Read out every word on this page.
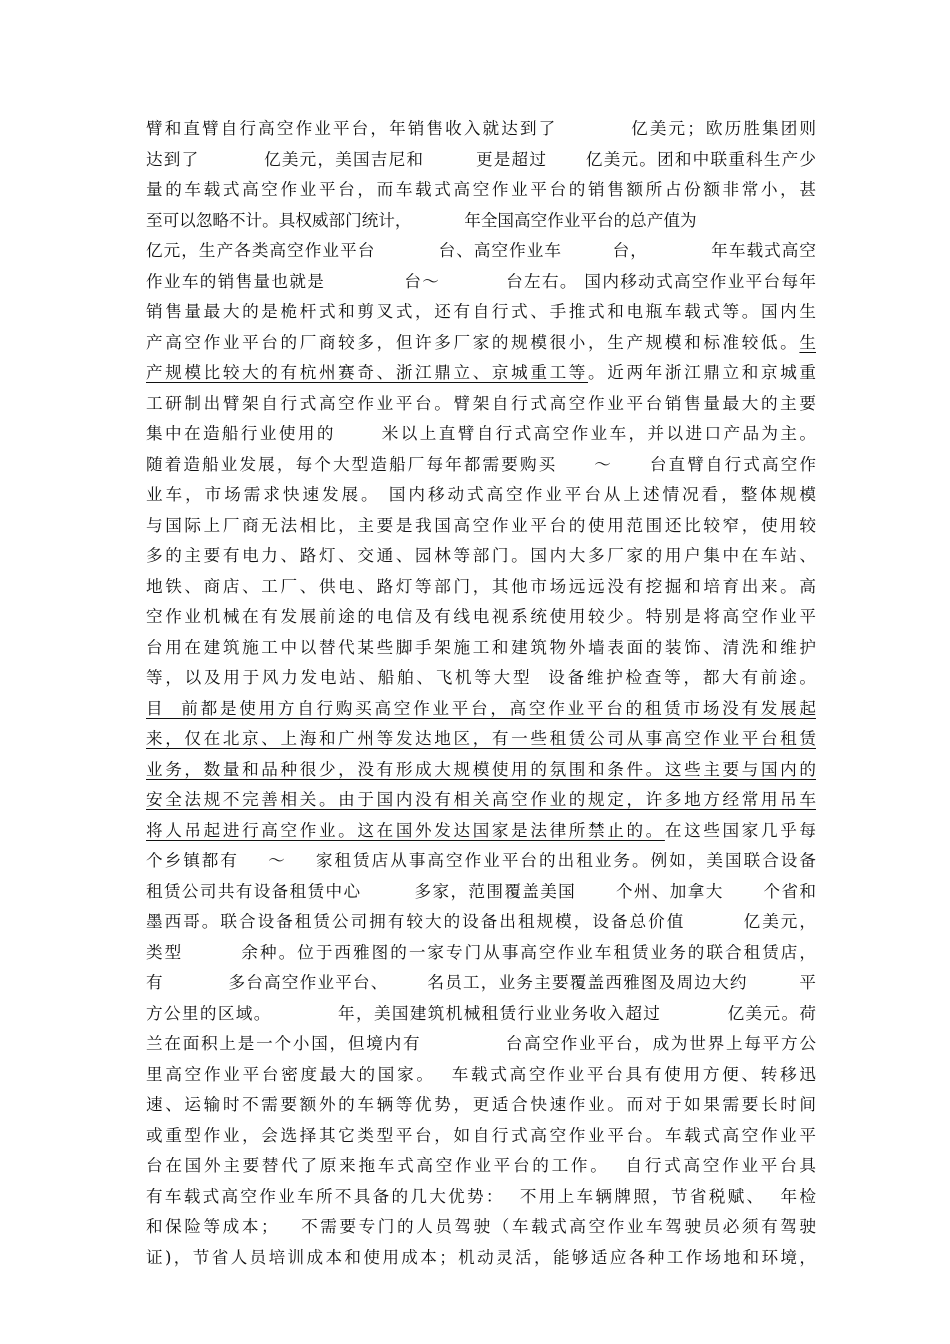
臂和直臂自行高空作业平台，年销售收入就达到了          亿美元；欧历胜集团则
达到了          亿美元，美国吉尼和        更是超过      亿美元。团和中联重科生产少
量的车载式高空作业平台，而车载式高空作业平台的销售额所占份额非常小，甚
至可以忽略不计。具权威部门统计，          年全国高空作业平台的总产值为
亿元，生产各类高空作业平台          台、高空作业车        台，          年车载式高空
作业车的销售量也就是            台～          台左右。 国内移动式高空作业平台每年
销售量最大的是桅杆式和剪叉式，还有自行式、手推式和电瓶车载式等。国内生
产高空作业平台的厂商较多，但许多厂家的规模很小，生产规模和标准较低。生
产规模比较大的有杭州赛奇、浙江鼎立、京城重工等。近两年浙江鼎立和京城重
工研制出臂架自行式高空作业平台。臂架自行式高空作业平台销售量最大的主要
集中在造船行业使用的      米以上直臂自行式高空作业车，并以进口产品为主。
随着造船业发展，每个大型造船厂每年都需要购买     ～     台直臂自行式高空作
业车，市场需求快速发展。 国内移动式高空作业平台从上述情况看，整体规模
与国际上厂商无法相比，主要是我国高空作业平台的使用范围还比较窄，使用较
多的主要有电力、路灯、交通、园林等部门。国内大多厂家的用户集中在车站、
地铁、商店、工厂、供电、路灯等部门，其他市场远远没有挖掘和培育出来。高
空作业机械在有发展前途的电信及有线电视系统使用较少。特别是将高空作业平
台用在建筑施工中以替代某些脚手架施工和建筑物外墙表面的装饰、清洗和维护
等，以及用于风力发电站、船舶、飞机等大型  设备维护检查等，都大有前途。
目  前都是使用方自行购买高空作业平台，高空作业平台的租赁市场没有发展起
来，仅在北京、上海和广州等发达地区，有一些租赁公司从事高空作业平台租赁
业务，数量和品种很少，没有形成大规模使用的氛围和条件。这些主要与国内的
安全法规不完善相关。由于国内没有相关高空作业的规定，许多地方经常用吊车
将人吊起进行高空作业。这在国外发达国家是法律所禁止的。在这些国家几乎每
个乡镇都有    ～    家租赁店从事高空作业平台的出租业务。例如，美国联合设备
租赁公司共有设备租赁中心        多家，范围覆盖美国      个州、加拿大      个省和
墨西哥。联合设备租赁公司拥有较大的设备出租规模，设备总价值        亿美元，
类型        余种。位于西雅图的一家专门从事高空作业车租赁业务的联合租赁店，
有          多台高空作业平台、      名员工，业务主要覆盖西雅图及周边大约        平
方公里的区域。          年，美国建筑机械租赁行业业务收入超过          亿美元。荷
兰在面积上是一个小国，但境内有            台高空作业平台，成为世界上每平方公
里高空作业平台密度最大的国家。  车载式高空作业平台具有使用方便、转移迅
速、运输时不需要额外的车辆等优势，更适合快速作业。而对于如果需要长时间
或重型作业，会选择其它类型平台，如自行式高空作业平台。车载式高空作业平
台在国外主要替代了原来拖车式高空作业平台的工作。  自行式高空作业平台具
有车载式高空作业车所不具备的几大优势：  不用上车辆牌照，节省税赋、  年检
和保险等成本；   不需要专门的人员驾驶（车载式高空作业车驾驶员必须有驾驶
证)，节省人员培训成本和使用成本；机动灵活，能够适应各种工作场地和环境，
